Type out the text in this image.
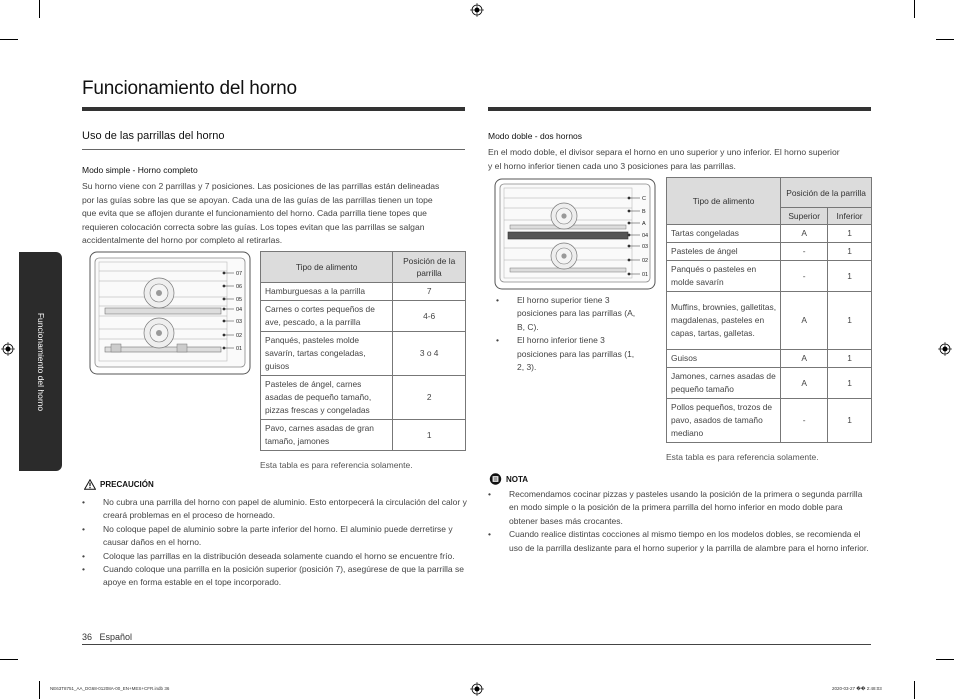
Funcionamiento del horno
Funcionamiento del horno
Uso de las parrillas del horno
Modo simple - Horno completo
Su horno viene con 2 parrillas y 7 posiciones. Las posiciones de las parrillas están delineadas
por las guías sobre las que se apoyan. Cada una de las guías de las parrillas tienen un tope
que evita que se aflojen durante el funcionamiento del horno. Cada parrilla tiene topes que
requieren colocación correcta sobre las guías. Los topes evitan que las parrillas se salgan
accidentalmente del horno por completo al retirarlas.
07
06
05
04
03
02
01
Tipo de alimento	Posición de la parrilla
Hamburguesas a la parrilla	7
Carnes o cortes pequeños de ave, pescado, a la parrilla	4-6
Panqués, pasteles molde savarín, tartas congeladas, guisos	3 o 4
Pasteles de ángel, carnes asadas de pequeño tamaño, pizzas frescas y congeladas	2
Pavo, carnes asadas de gran tamaño, jamones	1
Esta tabla es para referencia solamente.
PRECAUCIÓN
• No cubra una parrilla del horno con papel de aluminio. Esto entorpecerá la circulación del calor y creará problemas en el proceso de horneado.
• No coloque papel de aluminio sobre la parte inferior del horno. El aluminio puede derretirse y causar daños en el horno.
• Coloque las parrillas en la distribución deseada solamente cuando el horno se encuentre frío.
• Cuando coloque una parrilla en la posición superior (posición 7), asegúrese de que la parrilla se apoye en forma estable en el tope incorporado.
Modo doble - dos hornos
En el modo doble, el divisor separa el horno en uno superior y uno inferior. El horno superior
y el horno inferior tienen cada uno 3 posiciones para las parrillas.
C
B
A
04
03
02
01
• El horno superior tiene 3 posiciones para las parrillas (A, B, C).
• El horno inferior tiene 3 posiciones para las parrillas (1, 2, 3).
Tipo de alimento	Posición de la parrilla	
	Superior	Inferior
Tartas congeladas	A	1
Pasteles de ángel	-	1
Panqués o pasteles en molde savarín	-	1
Muffins, brownies, galletitas, magdalenas, pasteles en capas, tartas, galletas.	A	1
Guisos	A	1
Jamones, carnes asadas de pequeño tamaño	A	1
Pollos pequeños, trozos de pavo, asados de tamaño mediano	-	1
Esta tabla es para referencia solamente.
NOTA
• Recomendamos cocinar pizzas y pasteles usando la posición de la primera o segunda parrilla en modo simple o la posición de la primera parrilla del horno inferior en modo doble para obtener bases más crocantes.
• Cuando realice distintas cocciones al mismo tiempo en los modelos dobles, se recomienda el uso de la parrilla deslizante para el horno superior y la parrilla de alambre para el horno inferior.
36 Español
NE63T8751_AA_DG68-01208A-00_EN+MES+CFR.indb 36	2020-03-27 �� 2:48:03
